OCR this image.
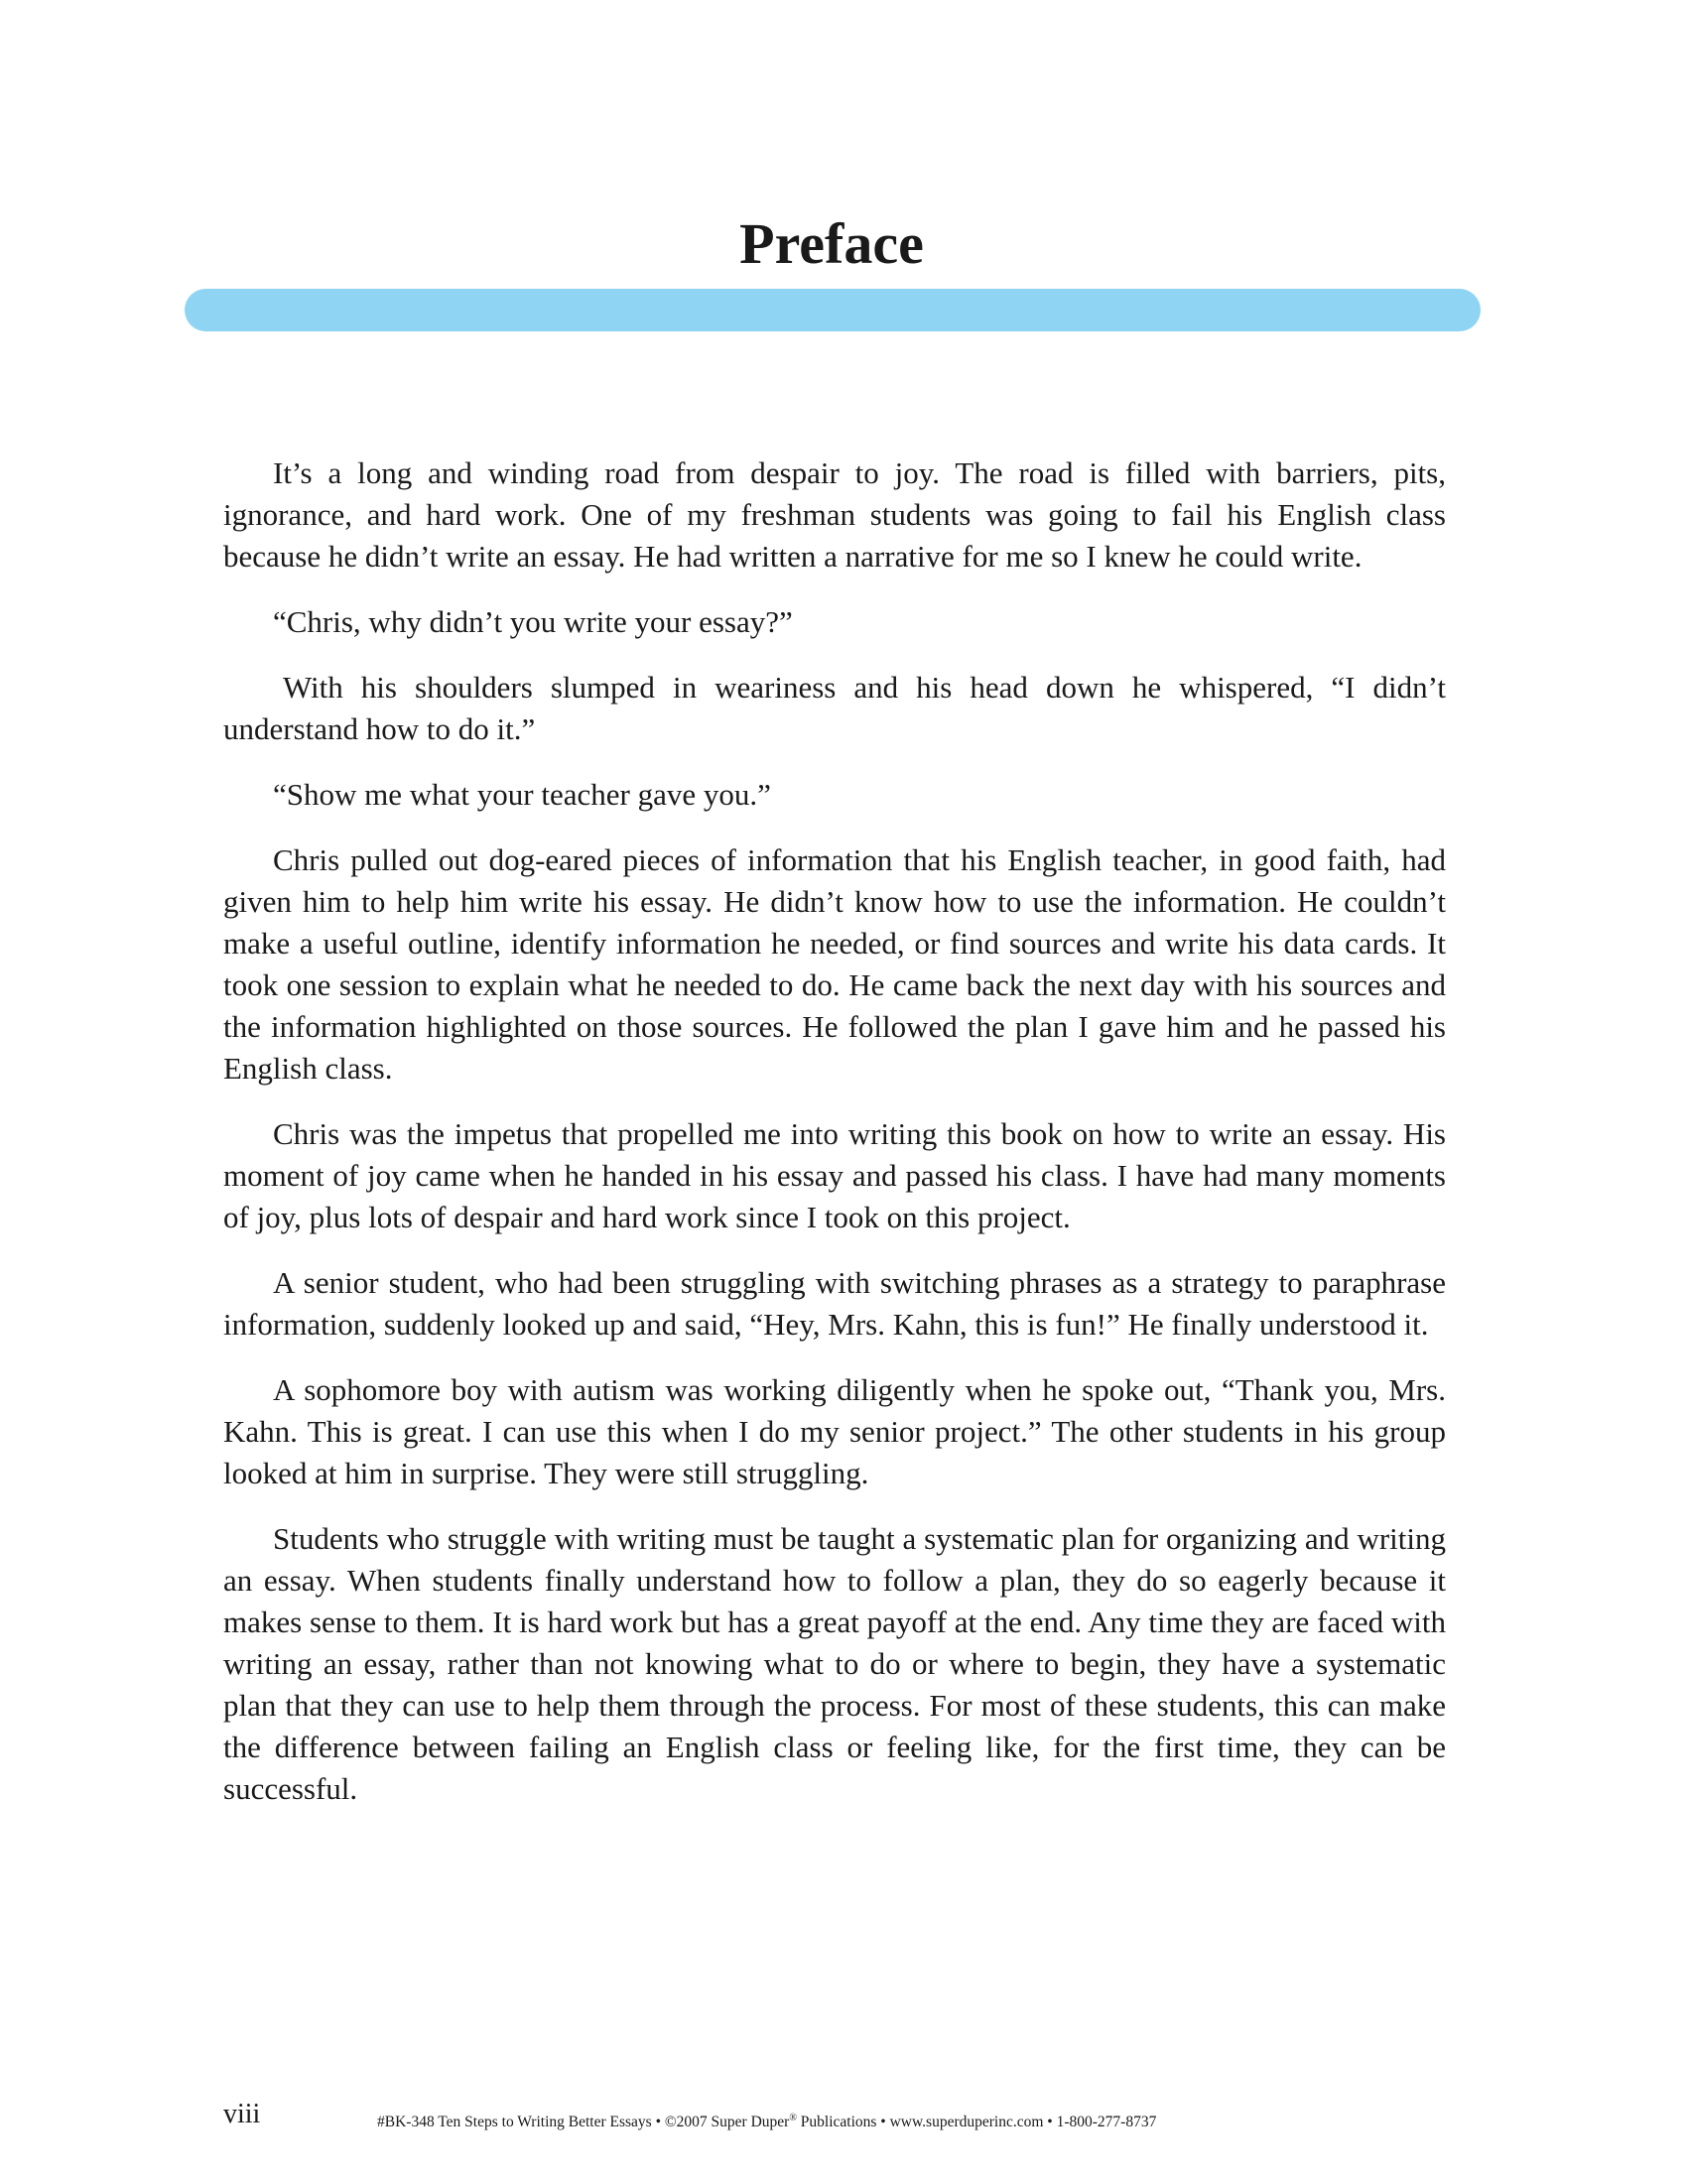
Preface

It’s a long and winding road from despair to joy. The road is filled with barriers, pits, ignorance, and hard work. One of my freshman students was going to fail his English class because he didn’t write an essay. He had written a narrative for me so I knew he could write.

“Chris, why didn’t you write your essay?”

With his shoulders slumped in weariness and his head down he whispered, “I didn’t understand how to do it.”

“Show me what your teacher gave you.”

Chris pulled out dog-eared pieces of information that his English teacher, in good faith, had given him to help him write his essay. He didn’t know how to use the information. He couldn’t make a useful outline, identify information he needed, or find sources and write his data cards. It took one session to explain what he needed to do. He came back the next day with his sources and the information highlighted on those sources. He followed the plan I gave him and he passed his English class.

Chris was the impetus that propelled me into writing this book on how to write an essay. His moment of joy came when he handed in his essay and passed his class. I have had many moments of joy, plus lots of despair and hard work since I took on this project.

A senior student, who had been struggling with switching phrases as a strategy to paraphrase information, suddenly looked up and said, “Hey, Mrs. Kahn, this is fun!” He finally understood it.

A sophomore boy with autism was working diligently when he spoke out, “Thank you, Mrs. Kahn. This is great. I can use this when I do my senior project.” The other students in his group looked at him in surprise. They were still struggling.

Students who struggle with writing must be taught a systematic plan for organizing and writing an essay. When students finally understand how to follow a plan, they do so eagerly because it makes sense to them. It is hard work but has a great payoff at the end. Any time they are faced with writing an essay, rather than not knowing what to do or where to begin, they have a systematic plan that they can use to help them through the process. For most of these students, this can make the difference between failing an English class or feeling like, for the first time, they can be successful.

viii	#BK-348 Ten Steps to Writing Better Essays • ©2007 Super Duper® Publications • www.superduperinc.com • 1-800-277-8737
